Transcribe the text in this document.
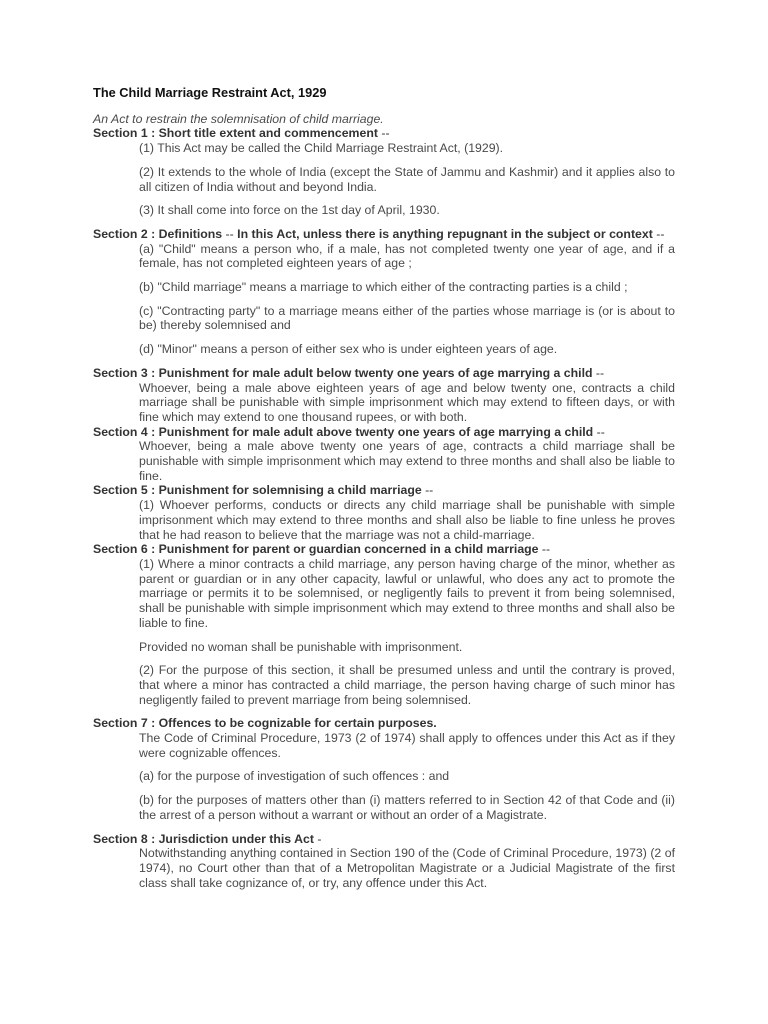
The Child Marriage Restraint Act, 1929
An Act to restrain the solemnisation of child marriage.
Section 1 : Short title extent and commencement --

(1) This Act may be called the Child Marriage Restraint Act, (1929).

(2) It extends to the whole of India (except the State of Jammu and Kashmir) and it applies also to all citizen of India without and beyond India.

(3) It shall come into force on the 1st day of April, 1930.

Section 2 : Definitions -- In this Act, unless there is anything repugnant in the subject or context --

(a) "Child" means a person who, if a male, has not completed twenty one year of age, and if a female, has not completed eighteen years of age ;

(b) "Child marriage" means a marriage to which either of the contracting parties is a child ;

(c) "Contracting party" to a marriage means either of the parties whose marriage is (or is about to be) thereby solemnised and

(d) "Minor" means a person of either sex who is under eighteen years of age.

Section 3 : Punishment for male adult below twenty one years of age marrying a child --

Whoever, being a male above eighteen years of age and below twenty one, contracts a child marriage shall be punishable with simple imprisonment which may extend to fifteen days, or with fine which may extend to one thousand rupees, or with both.

Section 4 : Punishment for male adult above twenty one years of age marrying a child --

Whoever, being a male above twenty one years of age, contracts a child marriage shall be punishable with simple imprisonment which may extend to three months and shall also be liable to fine.

Section 5 : Punishment for solemnising a child marriage --

(1) Whoever performs, conducts or directs any child marriage shall be punishable with simple imprisonment which may extend to three months and shall also be liable to fine unless he proves that he had reason to believe that the marriage was not a child-marriage.

Section 6 : Punishment for parent or guardian concerned in a child marriage --

(1) Where a minor contracts a child marriage, any person having charge of the minor, whether as parent or guardian or in any other capacity, lawful or unlawful, who does any act to promote the marriage or permits it to be solemnised, or negligently fails to prevent it from being solemnised, shall be punishable with simple imprisonment which may extend to three months and shall also be liable to fine.

Provided no woman shall be punishable with imprisonment.

(2) For the purpose of this section, it shall be presumed unless and until the contrary is proved, that where a minor has contracted a child marriage, the person having charge of such minor has negligently failed to prevent marriage from being solemnised.

Section 7 : Offences to be cognizable for certain purposes.

The Code of Criminal Procedure, 1973 (2 of 1974) shall apply to offences under this Act as if they were cognizable offences.

(a) for the purpose of investigation of such offences : and

(b) for the purposes of matters other than (i) matters referred to in Section 42 of that Code and (ii) the arrest of a person without a warrant or without an order of a Magistrate.

Section 8 : Jurisdiction under this Act -

Notwithstanding anything contained in Section 190 of the (Code of Criminal Procedure, 1973) (2 of 1974), no Court other than that of a Metropolitan Magistrate or a Judicial Magistrate of the first class shall take cognizance of, or try, any offence under this Act.
